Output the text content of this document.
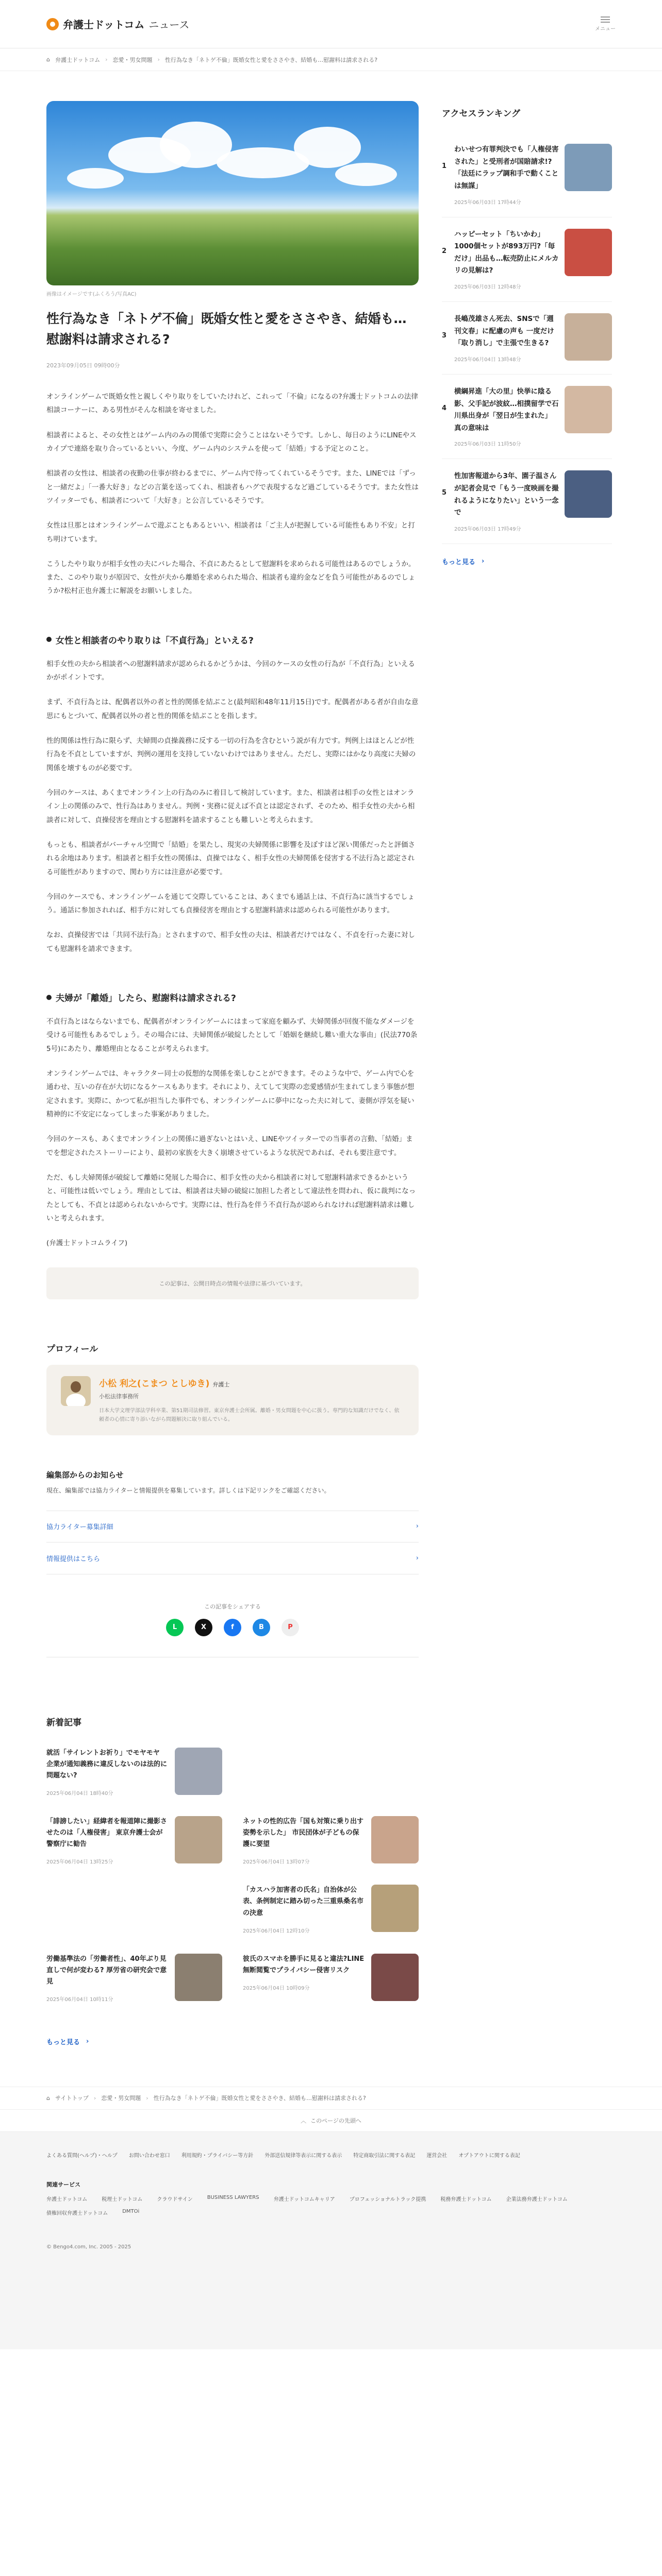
弁護士ドットコム ニュース	メニュー
⌂ 弁護士ドットコム › 恋愛・男女問題 › 性行為なき「ネトゲ不倫」既婚女性と愛をささやき、結婚も…慰謝料は請求される?
画像はイメージです(ふくろう/写真AC)
性行為なき「ネトゲ不倫」既婚女性と愛をささやき、結婚も…慰謝料は請求される?
2023年09月05日 09時00分

オンラインゲームで既婚女性と親しくやり取りをしていたけれど、これって「不倫」になるの?弁護士ドットコムの法律相談コーナーに、ある男性がそんな相談を寄せました。

相談者によると、その女性とはゲーム内のみの関係で実際に会うことはないそうです。しかし、毎日のようにLINEやスカイプで連絡を取り合っているといい、今度、ゲーム内のシステムを使って「結婚」する予定とのこと。

相談者の女性は、相談者の夜勤の仕事が終わるまでに、ゲーム内で待ってくれているそうです。また、LINEでは「ずっと一緒だよ」「一番大好き」などの言葉を送ってくれ、相談者もハグで表現するなど過ごしているそうです。また女性はツイッターでも、相談者について「大好き」と公言しているそうです。

女性は旦那とはオンラインゲームで遊ぶこともあるといい、相談者は「ご主人が把握している可能性もあり不安」と打ち明けています。

こうしたやり取りが相手女性の夫にバレた場合、不貞にあたるとして慰謝料を求められる可能性はあるのでしょうか。また、このやり取りが原因で、女性が夫から離婚を求められた場合、相談者も違約金などを負う可能性があるのでしょうか?松村正也弁護士に解説をお願いしました。

女性と相談者のやり取りは「不貞行為」といえる?

相手女性の夫から相談者への慰謝料請求が認められるかどうかは、今回のケースの女性の行為が「不貞行為」といえるかがポイントです。

まず、不貞行為とは、配偶者以外の者と性的関係を結ぶこと(最判昭和48年11月15日)です。配偶者がある者が自由な意思にもとづいて、配偶者以外の者と性的関係を結ぶことを指します。

性的関係は性行為に限らず、夫婦間の貞操義務に反する一切の行為を含むという説が有力です。判例上はほとんどが性行為を不貞としていますが、判例の運用を支持していないわけではありません。ただし、実際にはかなり高度に夫婦の関係を壊すものが必要です。

今回のケースは、あくまでオンライン上の行為のみに着目して検討しています。また、相談者は相手の女性とはオンライン上の関係のみで、性行為はありません。判例・実務に従えば不貞とは認定されず、そのため、相手女性の夫から相談者に対して、貞操侵害を理由とする慰謝料を請求することも難しいと考えられます。

もっとも、相談者がバーチャル空間で「結婚」を果たし、現実の夫婦関係に影響を及ぼすほど深い関係だったと評価される余地はあります。相談者と相手女性の関係は、貞操ではなく、相手女性の夫婦関係を侵害する不法行為と認定される可能性がありますので、関わり方には注意が必要です。

今回のケースでも、オンラインゲームを通じて交際していることは、あくまでも通話上は、不貞行為に該当するでしょう。通話に参加されれば、相手方に対しても貞操侵害を理由とする慰謝料請求は認められる可能性があります。

なお、貞操侵害では「共同不法行為」とされますので、相手女性の夫は、相談者だけではなく、不貞を行った妻に対しても慰謝料を請求できます。

夫婦が「離婚」したら、慰謝料は請求される?

不貞行為とはならないまでも、配偶者がオンラインゲームにはまって家庭を顧みず、夫婦関係が回復不能なダメージを受ける可能性もあるでしょう。その場合には、夫婦関係が破綻したとして「婚姻を継続し難い重大な事由」(民法770条5号)にあたり、離婚理由となることが考えられます。

オンラインゲームでは、キャラクター同士の仮想的な関係を楽しむことができます。そのような中で、ゲーム内で心を通わせ、互いの存在が大切になるケースもあります。それにより、えてして実際の恋愛感情が生まれてしまう事態が想定されます。実際に、かつて私が担当した事件でも、オンラインゲームに夢中になった夫に対して、妻側が浮気を疑い精神的に不安定になってしまった事案がありました。

今回のケースも、あくまでオンライン上の関係に過ぎないとはいえ、LINEやツイッターでの当事者の言動、「結婚」までを想定されたストーリーにより、最初の家族を大きく崩壊させているような状況であれば、それも要注意です。

ただ、もし夫婦関係が破綻して離婚に発展した場合に、相手女性の夫から相談者に対して慰謝料請求できるかというと、可能性は低いでしょう。理由としては、相談者は夫婦の破綻に加担した者として違法性を問われ、仮に裁判になったとしても、不貞とは認められないからです。実際には、性行為を伴う不貞行為が認められなければ慰謝料請求は難しいと考えられます。

(弁護士ドットコムライフ)

この記事は、公開日時点の情報や法律に基づいています。
プロフィール
小松 利之(こまつ としゆき) 弁護士
小松法律事務所
日本大学文理学部法学科卒業、第51期司法修習。東京弁護士会所属。離婚・男女問題を中心に扱う。専門的な知識だけでなく、依頼者の心情に寄り添いながら問題解決に取り組んでいる。
編集部からのお知らせ

現在、編集部では協力ライターと情報提供を募集しています。詳しくは下記リンクをご確認ください。

協力ライター募集詳細	›
情報提供はこちら	›
この記事をシェアする
L	X	f	B	P
新着記事
就活「サイレントお祈り」でモヤモヤ 企業が通知義務に違反しないのは法的に問題ない?
2025年06月04日 18時40分
「誹謗したい」経緯者を報道陣に撮影させたのは「人権侵害」 東京弁護士会が警察庁に勧告
2025年06月04日 13時25分
ネットの性的広告「国も対策に乗り出す姿勢を示した」 市民団体が子どもの保護に要望
2025年06月04日 13時07分
「カスハラ加害者の氏名」自治体が公表、条例制定に踏み切った三重県桑名市の決意
2025年06月04日 12時10分
労働基準法の「労働者性」、40年ぶり見直しで何が変わる? 厚労省の研究会で意見
2025年06月04日 10時11分
彼氏のスマホを勝手に見ると違法?LINE無断閲覧でプライバシー侵害リスク
2025年06月04日 10時09分
もっと見る ›
アクセスランキング
1
わいせつ有罪判決でも「人権侵害された」と受刑者が国賠請求!? 「法廷にラップ調和手で動くことは無謀」
2025年06月03日 17時44分
2
ハッピーセット「ちいかわ」1000個セットが893万円?「毎だけ」出品も…転売防止にメルカリの見解は?
2025年06月03日 12時48分
3
長嶋茂雄さん死去、SNSで「週刊文春」に配慮の声も 一度だけ「取り消し」で主張で生きる?
2025年06月04日 13時48分
4
横綱昇進「大の里」快挙に陰る影、父手記が波紋…相撲留学で石川県出身が「翌日が生まれた」 真の意味は
2025年06月03日 11時50分
5
性加害報道から3年、園子温さんが記者会見で「もう一度映画を撮れるようになりたい」という一念で
2025年06月03日 17時49分
もっと見る ›
⌂ サイトトップ › 恋愛・男女問題 › 性行為なき「ネトゲ不倫」既婚女性と愛をささやき、結婚も…慰謝料は請求される?
︿ このページの先頭へ
よくある質問(ヘルプ)・ヘルプ お問い合わせ窓口 利用規約・プライバシー等方針 外部送信規律等表示に関する表示 特定商取引法に関する表記 運営会社 オプトアウトに関する表記
関連サービス
弁護士ドットコム	税理士ドットコム	クラウドサイン	BUSINESS LAWYERS	弁護士ドットコムキャリア	プロフェッショナルトラック提携	税務弁護士ドットコム	企業法務弁護士ドットコム
債権回収弁護士ドットコム	DMTOi
© Bengo4.com, Inc. 2005 - 2025
